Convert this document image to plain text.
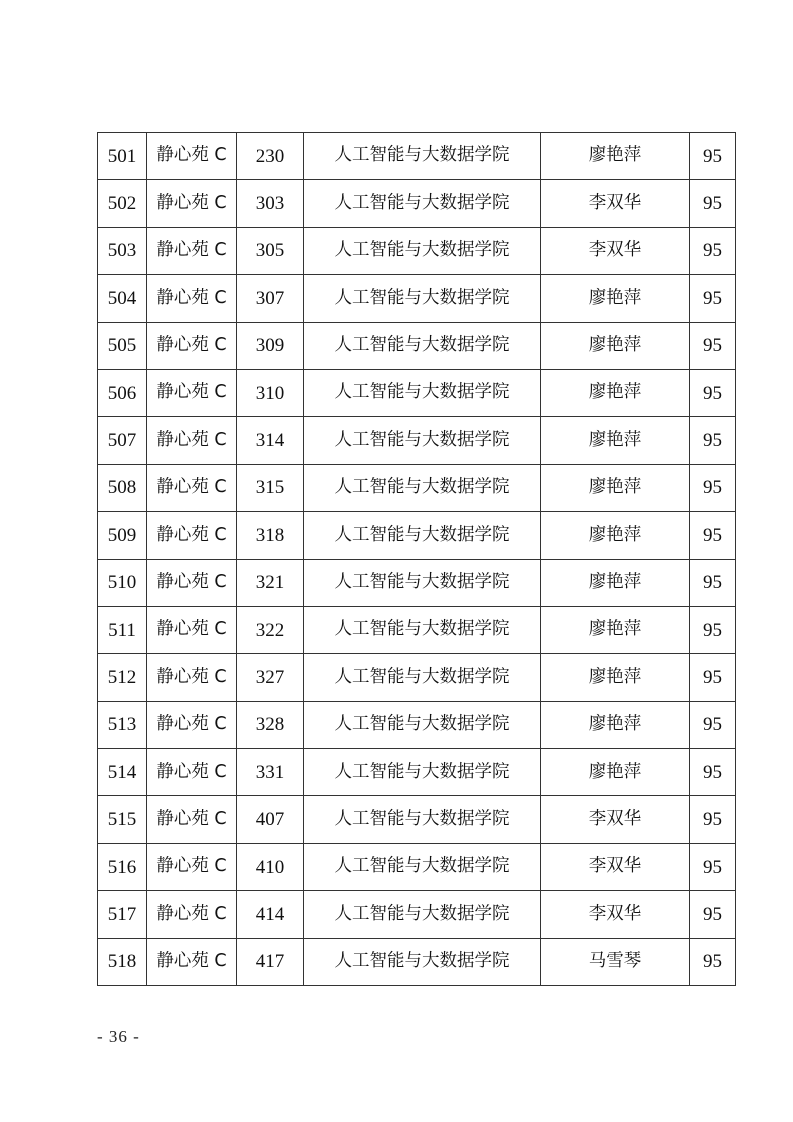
501	静心苑 C	230	人工智能与大数据学院	廖艳萍	95
502	静心苑 C	303	人工智能与大数据学院	李双华	95
503	静心苑 C	305	人工智能与大数据学院	李双华	95
504	静心苑 C	307	人工智能与大数据学院	廖艳萍	95
505	静心苑 C	309	人工智能与大数据学院	廖艳萍	95
506	静心苑 C	310	人工智能与大数据学院	廖艳萍	95
507	静心苑 C	314	人工智能与大数据学院	廖艳萍	95
508	静心苑 C	315	人工智能与大数据学院	廖艳萍	95
509	静心苑 C	318	人工智能与大数据学院	廖艳萍	95
510	静心苑 C	321	人工智能与大数据学院	廖艳萍	95
511	静心苑 C	322	人工智能与大数据学院	廖艳萍	95
512	静心苑 C	327	人工智能与大数据学院	廖艳萍	95
513	静心苑 C	328	人工智能与大数据学院	廖艳萍	95
514	静心苑 C	331	人工智能与大数据学院	廖艳萍	95
515	静心苑 C	407	人工智能与大数据学院	李双华	95
516	静心苑 C	410	人工智能与大数据学院	李双华	95
517	静心苑 C	414	人工智能与大数据学院	李双华	95
518	静心苑 C	417	人工智能与大数据学院	马雪琴	95
- 36 -
